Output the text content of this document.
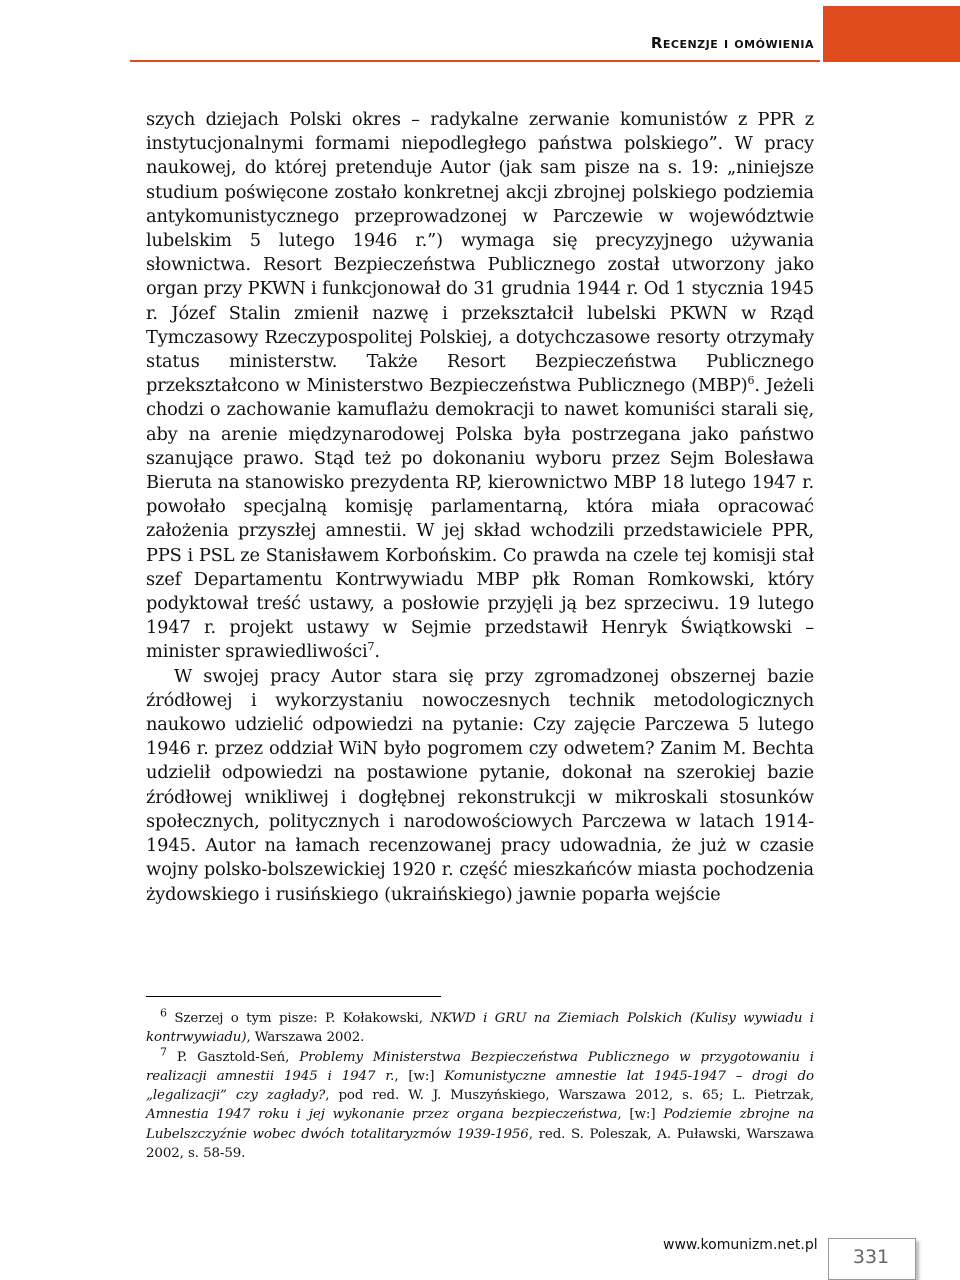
Recenzje i omówienia

szych dziejach Polski okres – radykalne zerwanie komunistów z PPR z instytucjonalnymi formami niepodległego państwa polskiego”. W pracy naukowej, do której pretenduje Autor (jak sam pisze na s. 19: „niniejsze studium poświęcone zostało konkretnej akcji zbrojnej polskiego podziemia antykomunistycznego przeprowadzonej w Parczewie w województwie lubelskim 5 lutego 1946 r.”) wymaga się precyzyjnego używania słownictwa. Resort Bezpieczeństwa Publicznego został utworzony jako organ przy PKWN i funkcjonował do 31 grudnia 1944 r. Od 1 stycznia 1945 r. Józef Stalin zmienił nazwę i przekształcił lubelski PKWN w Rząd Tymczasowy Rzeczypospolitej Polskiej, a dotychczasowe resorty otrzymały status ministerstw. Także Resort Bezpieczeństwa Publicznego przekształcono w Ministerstwo Bezpieczeństwa Publicznego (MBP)$^6$. Jeżeli chodzi o zachowanie kamuflażu demokracji to nawet komuniści starali się, aby na arenie międzynarodowej Polska była postrzegana jako państwo szanujące prawo. Stąd też po dokonaniu wyboru przez Sejm Bolesława Bieruta na stanowisko prezydenta RP, kierownictwo MBP 18 lutego 1947 r. powołało specjalną komisję parlamentarną, która miała opracować założenia przyszłej amnestii. W jej skład wchodzili przedstawiciele PPR, PPS i PSL ze Stanisławem Korbońskim. Co prawda na czele tej komisji stał szef Departamentu Kontrwywiadu MBP płk Roman Romkowski, który podyktował treść ustawy, a posłowie przyjęli ją bez sprzeciwu. 19 lutego 1947 r. projekt ustawy w Sejmie przedstawił Henryk Świątkowski – minister sprawiedliwości$^7$.

W swojej pracy Autor stara się przy zgromadzonej obszernej bazie źródłowej i wykorzystaniu nowoczesnych technik metodologicznych naukowo udzielić odpowiedzi na pytanie: Czy zajęcie Parczewa 5 lutego 1946 r. przez oddział WiN było pogromem czy odwetem? Zanim M. Bechta udzielił odpowiedzi na postawione pytanie, dokonał na szerokiej bazie źródłowej wnikliwej i dogłębnej rekonstrukcji w mikroskali stosunków społecznych, politycznych i narodowościowych Parczewa w latach 1914-1945. Autor na łamach recenzowanej pracy udowadnia, że już w czasie wojny polsko-bolszewickiej 1920 r. część mieszkańców miasta pochodzenia żydowskiego i rusińskiego (ukraińskiego) jawnie poparła wejście

$^6$ Szerzej o tym pisze: P. Kołakowski, NKWD i GRU na Ziemiach Polskich (Kulisy wywiadu i kontrwywiadu), Warszawa 2002.

$^7$ P. Gasztold-Seń, Problemy Ministerstwa Bezpieczeństwa Publicznego w przygotowaniu i realizacji amnestii 1945 i 1947 r., [w:] Komunistyczne amnestie lat 1945-1947 – drogi do „legalizacji” czy zagłady?, pod red. W. J. Muszyńskiego, Warszawa 2012, s. 65; L. Pietrzak, Amnestia 1947 roku i jej wykonanie przez organa bezpieczeństwa, [w:] Podziemie zbrojne na Lubelszczyźnie wobec dwóch totalitaryzmów 1939-1956, red. S. Poleszak, A. Puławski, Warszawa 2002, s. 58-59.

www.komunizm.net.pl
331
